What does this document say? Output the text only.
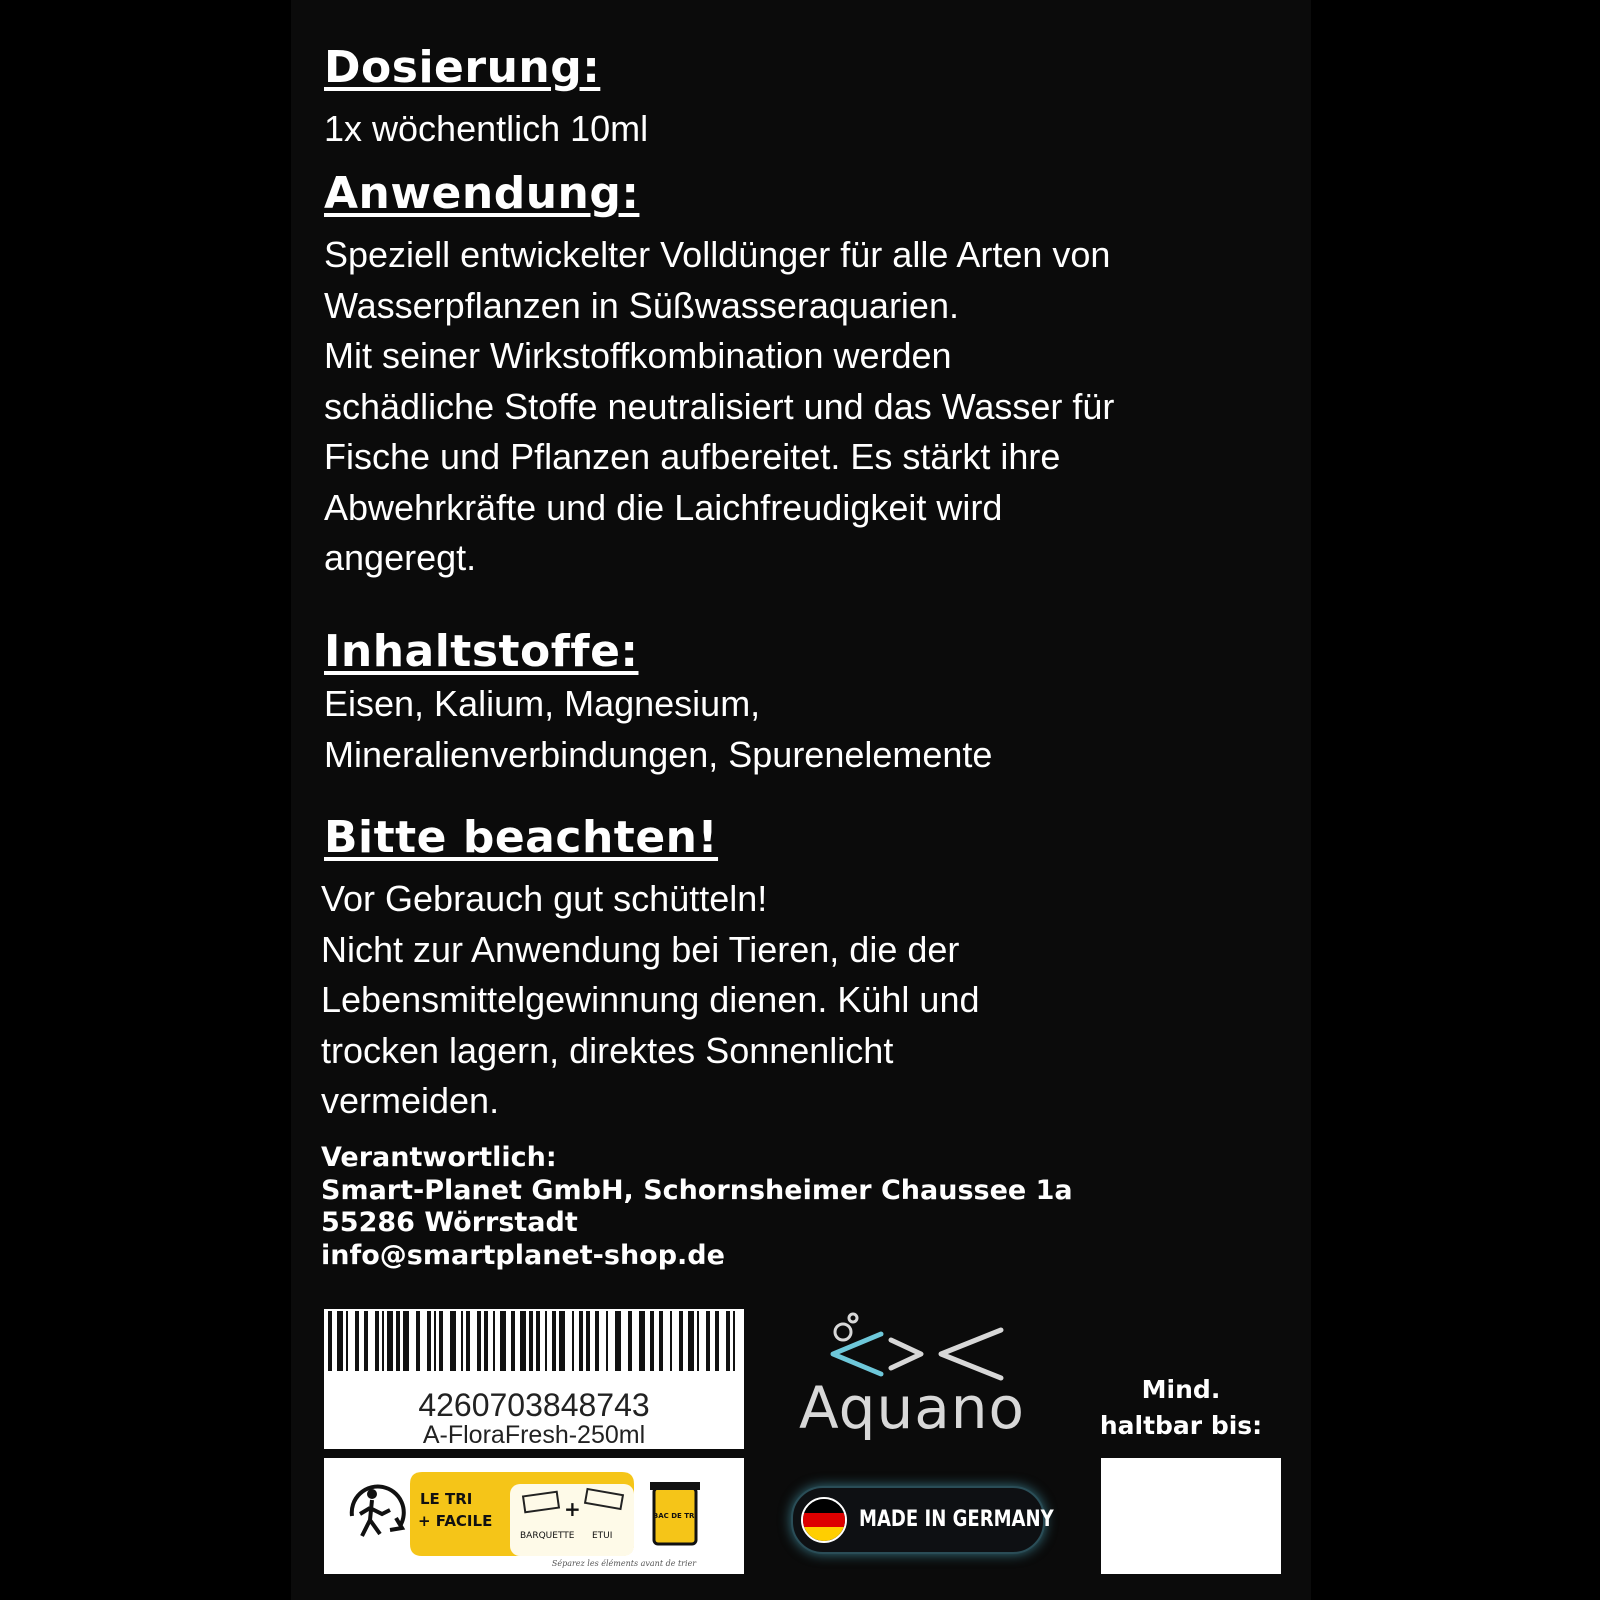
Dosierung:
1x wöchentlich 10ml
Anwendung:
Speziell entwickelter Volldünger für alle Arten von
Wasserpflanzen in Süßwasseraquarien.
Mit seiner Wirkstoffkombination werden
schädliche Stoffe neutralisiert und das Wasser für
Fische und Pflanzen aufbereitet. Es stärkt ihre
Abwehrkräfte und die Laichfreudigkeit wird
angeregt.
Inhaltstoffe:
Eisen, Kalium, Magnesium,
Mineralienverbindungen, Spurenelemente
Bitte beachten!
Vor Gebrauch gut schütteln!
Nicht zur Anwendung bei Tieren, die der
Lebensmittelgewinnung dienen. Kühl und
trocken lagern, direktes Sonnenlicht
vermeiden.
Verantwortlich:
Smart-Planet GmbH, Schornsheimer Chaussee 1a
55286 Wörrstadt
info@smartplanet-shop.de
4260703848743
A-FloraFresh-250ml
LE TRI
+ FACILE	+
BARQUETTE ETUI
BAC DE TRI
Séparez les éléments avant de trier
Aquano
MADE IN GERMANY
Mind.
haltbar bis:
